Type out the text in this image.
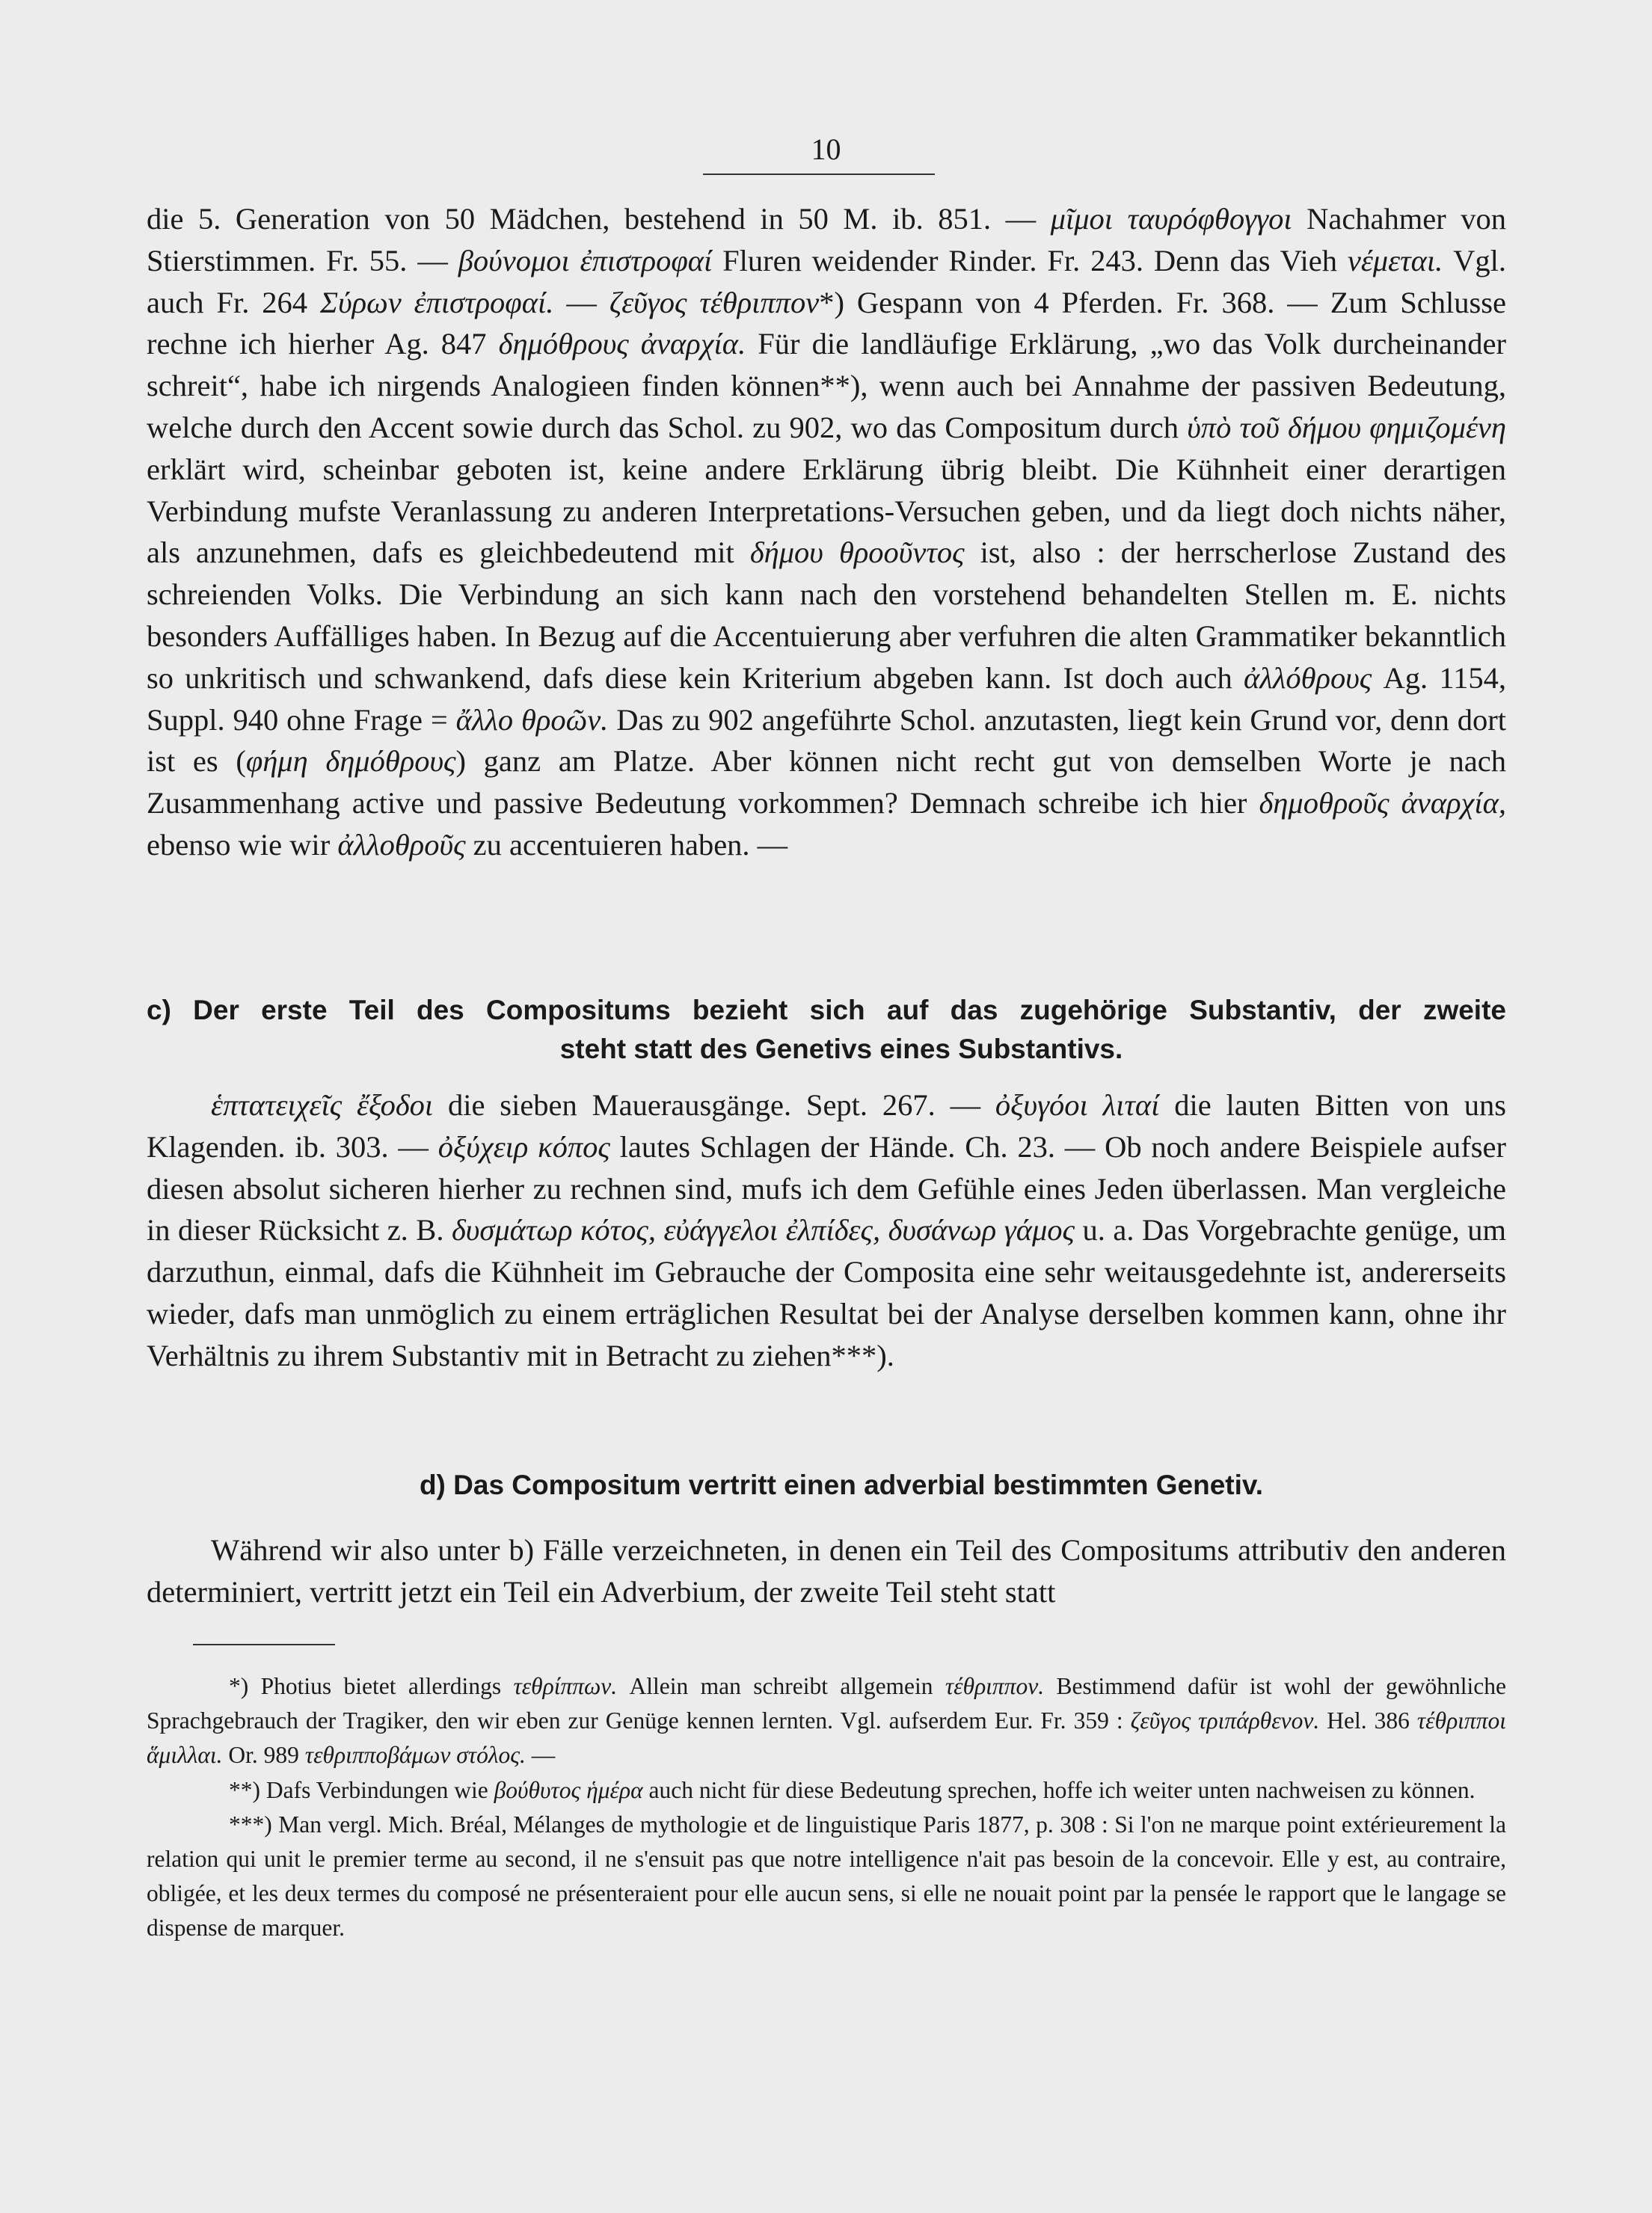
10

die 5. Generation von 50 Mädchen, bestehend in 50 M. ib. 851. — μῖμοι ταυρόφθογγοι Nachahmer von Stierstimmen. Fr. 55. — βούνομοι ἐπιστροφαί Fluren weidender Rinder. Fr. 243. Denn das Vieh νέμεται. Vgl. auch Fr. 264 Σύρων ἐπιστροφαί. — ζεῦγος τέθριππον*) Gespann von 4 Pferden. Fr. 368. — Zum Schlusse rechne ich hierher Ag. 847 δημόθρους ἀναρχία. Für die landläufige Erklärung, „wo das Volk durcheinander schreit“, habe ich nirgends Analogieen finden können**), wenn auch bei Annahme der passiven Bedeutung, welche durch den Accent sowie durch das Schol. zu 902, wo das Compositum durch ὑπὸ τοῦ δήμου φημιζομένη erklärt wird, scheinbar geboten ist, keine andere Erklärung übrig bleibt. Die Kühnheit einer derartigen Verbindung mufste Veranlassung zu anderen Interpretations-Versuchen geben, und da liegt doch nichts näher, als anzunehmen, dafs es gleichbedeutend mit δήμου θροοῦντος ist, also : der herrscherlose Zustand des schreienden Volks. Die Verbindung an sich kann nach den vorstehend behandelten Stellen m. E. nichts besonders Auffälliges haben. In Bezug auf die Accentuierung aber verfuhren die alten Grammatiker bekanntlich so unkritisch und schwankend, dafs diese kein Kriterium abgeben kann. Ist doch auch ἀλλόθρους Ag. 1154, Suppl. 940 ohne Frage = ἄλλο θροῶν. Das zu 902 angeführte Schol. anzutasten, liegt kein Grund vor, denn dort ist es (φήμη δημόθρους) ganz am Platze. Aber können nicht recht gut von demselben Worte je nach Zusammenhang active und passive Bedeutung vorkommen? Demnach schreibe ich hier δημοθροῦς ἀναρχία, ebenso wie wir ἀλλοθροῦς zu accentuieren haben. —

c) Der erste Teil des Compositums bezieht sich auf das zugehörige Substantiv, der zweite
steht statt des Genetivs eines Substantivs.

ἑπτατειχεῖς ἔξοδοι die sieben Mauerausgänge. Sept. 267. — ὀξυγόοι λιταί die lauten Bitten von uns Klagenden. ib. 303. — ὀξύχειρ κόπος lautes Schlagen der Hände. Ch. 23. — Ob noch andere Beispiele aufser diesen absolut sicheren hierher zu rechnen sind, mufs ich dem Gefühle eines Jeden überlassen. Man vergleiche in dieser Rücksicht z. B. δυσμάτωρ κότος, εὐάγγελοι ἐλπίδες, δυσάνωρ γάμος u. a. Das Vorgebrachte genüge, um darzuthun, einmal, dafs die Kühnheit im Gebrauche der Composita eine sehr weitausgedehnte ist, andererseits wieder, dafs man unmöglich zu einem erträglichen Resultat bei der Analyse derselben kommen kann, ohne ihr Verhältnis zu ihrem Substantiv mit in Betracht zu ziehen***).

d) Das Compositum vertritt einen adverbial bestimmten Genetiv.

Während wir also unter b) Fälle verzeichneten, in denen ein Teil des Compositums attributiv den anderen determiniert, vertritt jetzt ein Teil ein Adverbium, der zweite Teil steht statt

*) Photius bietet allerdings τεθρίππων. Allein man schreibt allgemein τέθριππον. Bestimmend dafür ist wohl der gewöhnliche Sprachgebrauch der Tragiker, den wir eben zur Genüge kennen lernten. Vgl. aufserdem Eur. Fr. 359 : ζεῦγος τριπάρθενον. Hel. 386 τέθριπποι ἅμιλλαι. Or. 989 τεθριπποβάμων στόλος. —

**) Dafs Verbindungen wie βούθυτος ἡμέρα auch nicht für diese Bedeutung sprechen, hoffe ich weiter unten nachweisen zu können.

***) Man vergl. Mich. Bréal, Mélanges de mythologie et de linguistique Paris 1877, p. 308 : Si l'on ne marque point extérieurement la relation qui unit le premier terme au second, il ne s'ensuit pas que notre intelligence n'ait pas besoin de la concevoir. Elle y est, au contraire, obligée, et les deux termes du composé ne présenteraient pour elle aucun sens, si elle ne nouait point par la pensée le rapport que le langage se dispense de marquer.
